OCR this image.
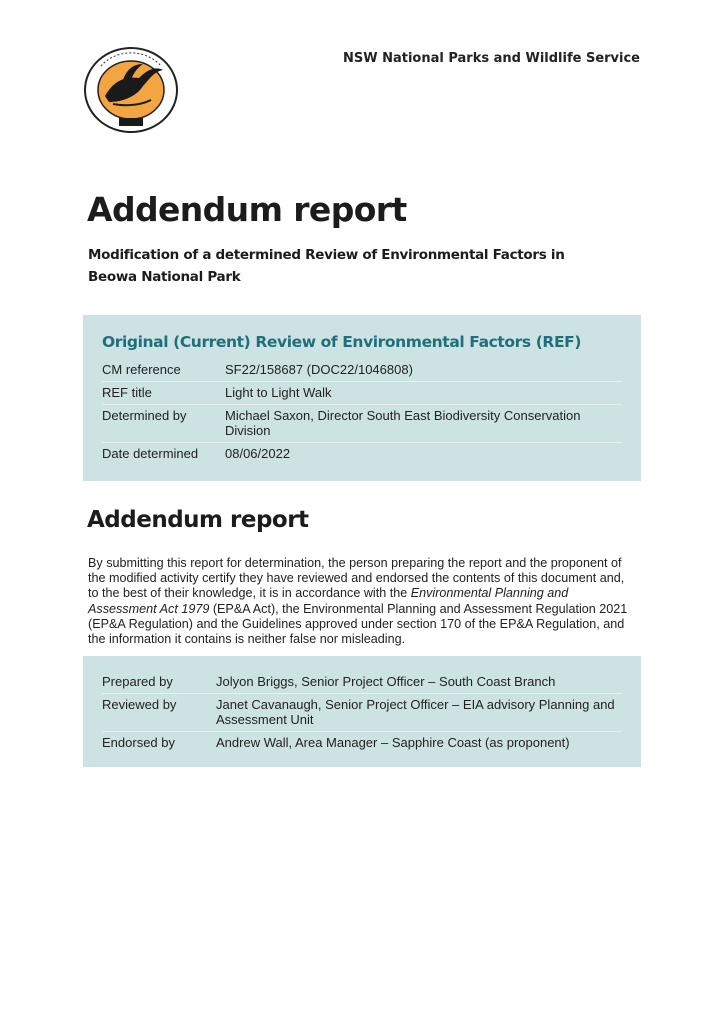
NSW National Parks and Wildlife Service
Addendum report

Modification of a determined Review of Environmental Factors in Beowa National Park

Original (Current) Review of Environmental Factors (REF)
CM reference	SF22/158687 (DOC22/1046808)
REF title	Light to Light Walk
Determined by	Michael Saxon, Director South East Biodiversity Conservation Division
Date determined	08/06/2022
Addendum report

By submitting this report for determination, the person preparing the report and the proponent of the modified activity certify they have reviewed and endorsed the contents of this document and, to the best of their knowledge, it is in accordance with the Environmental Planning and Assessment Act 1979 (EP&A Act), the Environmental Planning and Assessment Regulation 2021 (EP&A Regulation) and the Guidelines approved under section 170 of the EP&A Regulation, and the information it contains is neither false nor misleading.

Prepared by	Jolyon Briggs, Senior Project Officer – South Coast Branch
Reviewed by	Janet Cavanaugh, Senior Project Officer – EIA advisory Planning and Assessment Unit
Endorsed by	Andrew Wall, Area Manager – Sapphire Coast (as proponent)
